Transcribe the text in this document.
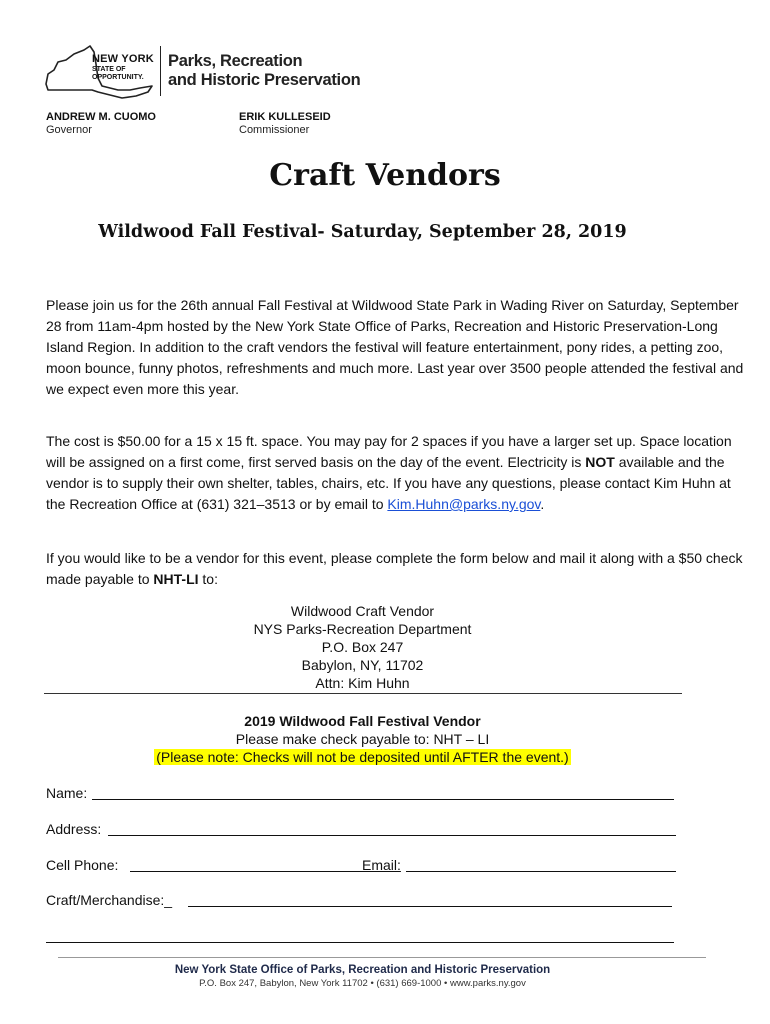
NEW YORK
STATE OF
OPPORTUNITY.
Parks, Recreation
and Historic Preservation
ANDREW M. CUOMO
Governor
ERIK KULLESEID
Commissioner
Craft Vendors
Wildwood Fall Festival- Saturday, September 28, 2019

Please join us for the 26th annual Fall Festival at Wildwood State Park in Wading River on Saturday, September 28 from 11am-4pm hosted by the New York State Office of Parks, Recreation and Historic Preservation-Long Island Region. In addition to the craft vendors the festival will feature entertainment, pony rides, a petting zoo, moon bounce, funny photos, refreshments and much more. Last year over 3500 people attended the festival and we expect even more this year.

The cost is $50.00 for a 15 x 15 ft. space. You may pay for 2 spaces if you have a larger set up. Space location will be assigned on a first come, first served basis on the day of the event. Electricity is NOT available and the vendor is to supply their own shelter, tables, chairs, etc. If you have any questions, please contact Kim Huhn at the Recreation Office at (631) 321–3513 or by email to Kim.Huhn@parks.ny.gov.

If you would like to be a vendor for this event, please complete the form below and mail it along with a $50 check made payable to NHT-LI to:

Wildwood Craft Vendor
NYS Parks-Recreation Department
P.O. Box 247
Babylon, NY, 11702
Attn: Kim Huhn
2019 Wildwood Fall Festival Vendor
Please make check payable to: NHT – LI
(Please note: Checks will not be deposited until AFTER the event.)
Name:
Address:
Cell Phone:	Email:
Craft/Merchandise:_
New York State Office of Parks, Recreation and Historic Preservation
P.O. Box 247, Babylon, New York 11702 • (631) 669-1000 • www.parks.ny.gov
